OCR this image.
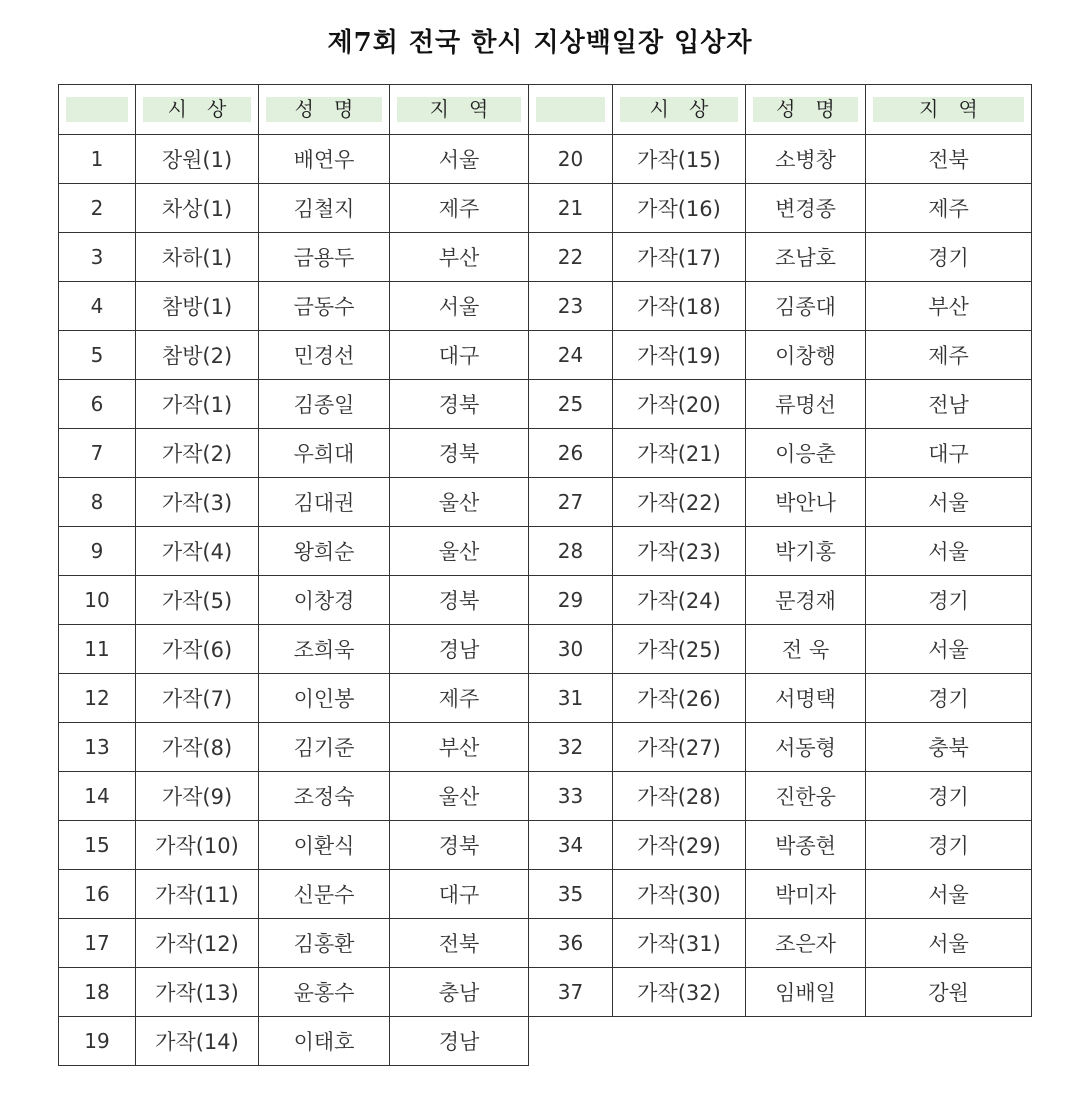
제7회 전국 한시 지상백일장 입상자

	시상	성명	지역

1	장원(1)	배연우	서울
2	차상(1)	김철지	제주
3	차하(1)	금용두	부산
4	참방(1)	금동수	서울
5	참방(2)	민경선	대구
6	가작(1)	김종일	경북
7	가작(2)	우희대	경북
8	가작(3)	김대권	울산
9	가작(4)	왕희순	울산
10	가작(5)	이창경	경북
11	가작(6)	조희욱	경남
12	가작(7)	이인봉	제주
13	가작(8)	김기준	부산
14	가작(9)	조정숙	울산
15	가작(10)	이환식	경북
16	가작(11)	신문수	대구
17	가작(12)	김홍환	전북
18	가작(13)	윤홍수	충남
19	가작(14)	이태호	경남

	시상	성명	지역

20	가작(15)	소병창	전북
21	가작(16)	변경종	제주
22	가작(17)	조남호	경기
23	가작(18)	김종대	부산
24	가작(19)	이창행	제주
25	가작(20)	류명선	전남
26	가작(21)	이응춘	대구
27	가작(22)	박안나	서울
28	가작(23)	박기홍	서울
29	가작(24)	문경재	경기
30	가작(25)	전 욱	서울
31	가작(26)	서명택	경기
32	가작(27)	서동형	충북
33	가작(28)	진한웅	경기
34	가작(29)	박종현	경기
35	가작(30)	박미자	서울
36	가작(31)	조은자	서울
37	가작(32)	임배일	강원
